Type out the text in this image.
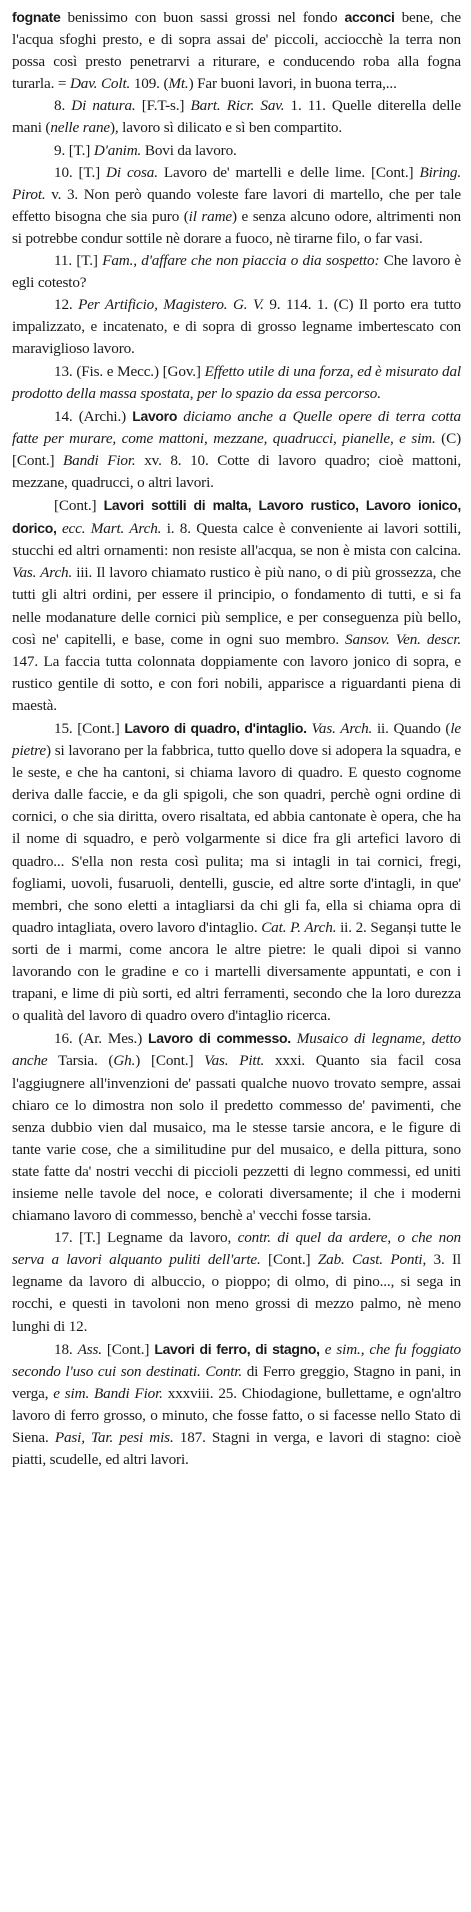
fognate benissimo con buon sassi grossi nel fondo acconci bene, che l'acqua sfoghi presto, e di sopra assai de' piccoli, acciocchè la terra non possa così presto penetrarvi a riturare, e conducendo roba alla fogna turarla. = Dav. Colt. 109. (Mt.) Far buoni lavori, in buona terra,...

8. Di natura. [F.T-s.] Bart. Ricr. Sav. 1. 11. Quelle diterella delle mani (nelle rane), lavoro sì dilicato e sì ben compartito.

9. [T.] D'anim. Bovi da lavoro.

10. [T.] Di cosa. Lavoro de' martelli e delle lime. [Cont.] Biring. Pirot. v. 3. Non però quando voleste fare lavori di martello, che per tale effetto bisogna che sia puro (il rame) e senza alcuno odore, altrimenti non si potrebbe condur sottile nè dorare a fuoco, nè tirarne filo, o far vasi.

11. [T.] Fam., d'affare che non piaccia o dia sospetto: Che lavoro è egli cotesto?

12. Per Artificio, Magistero. G. V. 9. 114. 1. (C) Il porto era tutto impalizzato, e incatenato, e di sopra di grosso legname imbertescato con maraviglioso lavoro.

13. (Fis. e Mecc.) [Gov.] Effetto utile di una forza, ed è misurato dal prodotto della massa spostata, per lo spazio da essa percorso.

14. (Archi.) Lavoro diciamo anche a Quelle opere di terra cotta fatte per murare, come mattoni, mezzane, quadrucci, pianelle, e sim. (C) [Cont.] Bandi Fior. xv. 8. 10. Cotte di lavoro quadro; cioè mattoni, mezzane, quadrucci, o altri lavori.

[Cont.] Lavori sottili di malta, Lavoro rustico, Lavoro ionico, dorico, ecc. Mart. Arch. i. 8. Questa calce è conveniente ai lavori sottili, stucchi ed altri ornamenti: non resiste all'acqua, se non è mista con calcina. Vas. Arch. iii. Il lavoro chiamato rustico è più nano, o di più grossezza, che tutti gli altri ordini, per essere il principio, o fondamento di tutti, e si fa nelle modanature delle cornici più semplice, e per conseguenza più bello, così ne' capitelli, e base, come in ogni suo membro. Sansov. Ven. descr. 147. La faccia tutta colonnata doppiamente con lavoro jonico di sopra, e rustico gentile di sotto, e con fori nobili, apparisce a riguardanti piena di maestà.

15. [Cont.] Lavoro di quadro, d'intaglio. Vas. Arch. ii. Quando (le pietre) si lavorano per la fabbrica, tutto quello dove si adopera la squadra, e le seste, e che ha cantoni, si chiama lavoro di quadro. E questo cognome deriva dalle faccie, e da gli spigoli, che son quadri, perchè ogni ordine di cornici, o che sia diritta, overo risaltata, ed abbia cantonate è opera, che ha il nome di squadro, e però volgarmente si dice fra gli artefici lavoro di quadro... S'ella non resta così pulita; ma si intagli in tai cornici, fregi, fogliami, uovoli, fusaruoli, dentelli, guscie, ed altre sorte d'intagli, in que' membri, che sono eletti a intagliarsi da chi gli fa, ella si chiama opra di quadro intagliata, overo lavoro d'intaglio. Cat. P. Arch. ii. 2. Seganși tutte le sorti de i marmi, come ancora le altre pietre: le quali dipoi si vanno lavorando con le gradine e co i martelli diversamente appuntati, e con i trapani, e lime di più sorti, ed altri ferramenti, secondo che la loro durezza o qualità del lavoro di quadro overo d'intaglio ricerca.

16. (Ar. Mes.) Lavoro di commesso. Musaico di legname, detto anche Tarsia. (Gh.) [Cont.] Vas. Pitt. xxxi. Quanto sia facil cosa l'aggiugnere all'invenzioni de' passati qualche nuovo trovato sempre, assai chiaro ce lo dimostra non solo il predetto commesso de' pavimenti, che senza dubbio vien dal musaico, ma le stesse tarsie ancora, e le figure di tante varie cose, che a similitudine pur del musaico, e della pittura, sono state fatte da' nostri vecchi di piccioli pezzetti di legno commessi, ed uniti insieme nelle tavole del noce, e colorati diversamente; il che i moderni chiamano lavoro di commesso, benchè a' vecchi fosse tarsia.

17. [T.] Legname da lavoro, contr. di quel da ardere, o che non serva a lavori alquanto puliti dell'arte. [Cont.] Zab. Cast. Ponti, 3. Il legname da lavoro di albuccio, o pioppo; di olmo, di pino..., si sega in rocchi, e questi in tavoloni non meno grossi di mezzo palmo, nè meno lunghi di 12.

18. Ass. [Cont.] Lavori di ferro, di stagno, e sim., che fu foggiato secondo l'uso cui son destinati. Contr. di Ferro greggio, Stagno in pani, in verga, e sim. Bandi Fior. xxxviii. 25. Chiodagione, bullettame, e ogn'altro lavoro di ferro grosso, o minuto, che fosse fatto, o si facesse nello Stato di Siena. Pasi, Tar. pesi mis. 187. Stagni in verga, e lavori di stagno: cioè piatti, scudelle, ed altri lavori.
